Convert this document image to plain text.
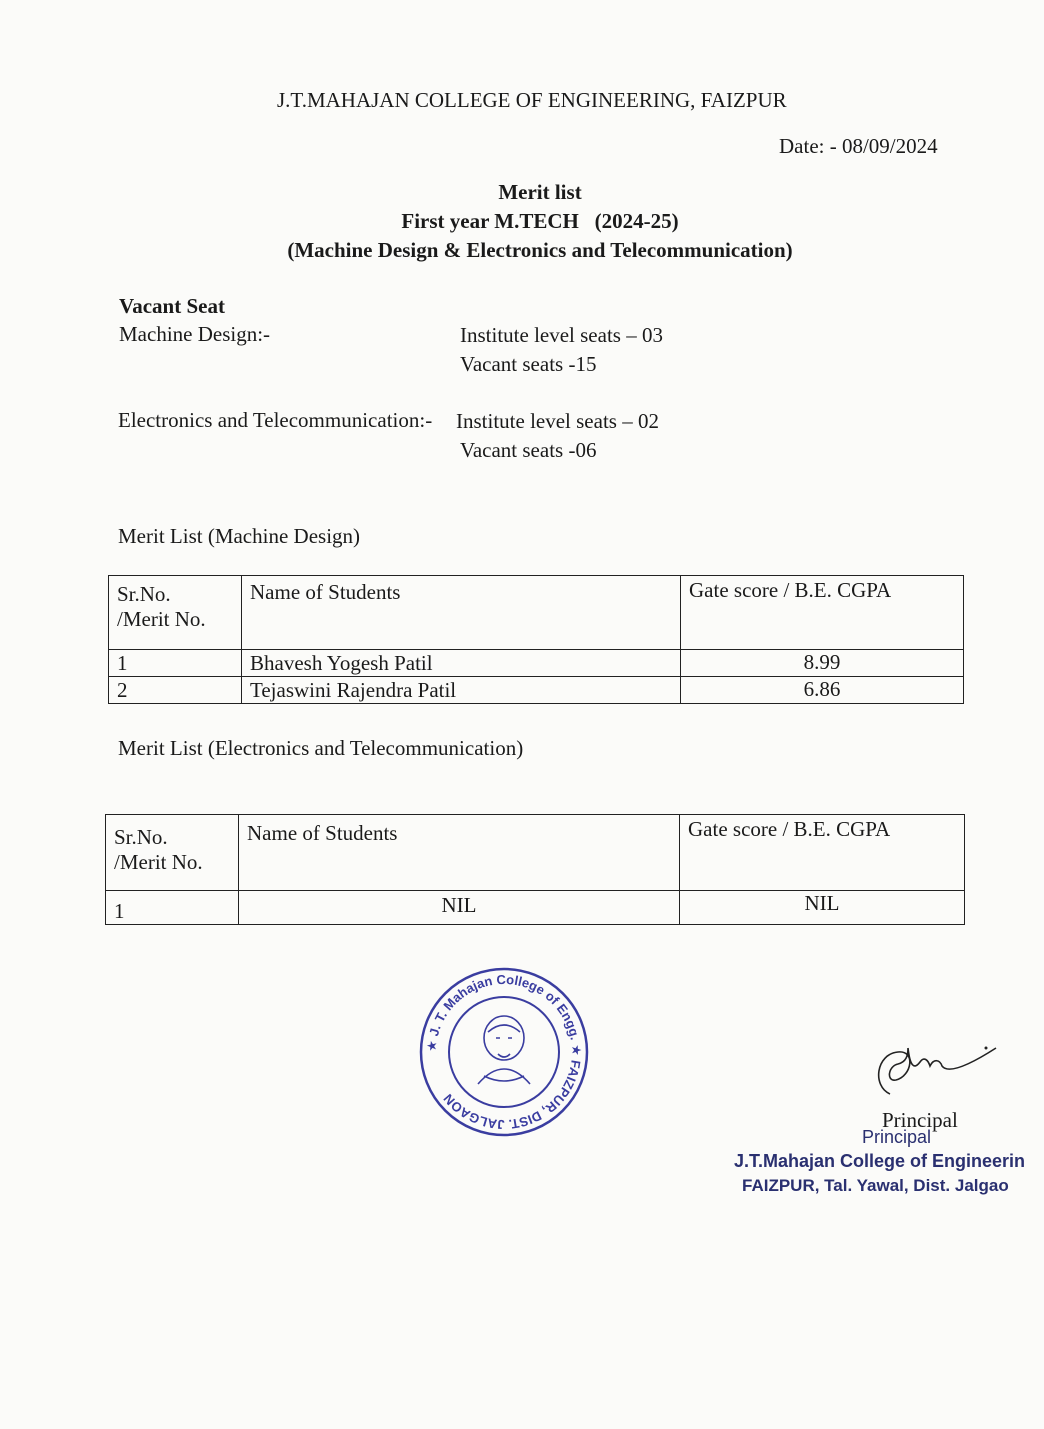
J.T.MAHAJAN COLLEGE OF ENGINEERING, FAIZPUR
Date: - 08/09/2024
Merit list
First year M.TECH   (2024-25)
(Machine Design & Electronics and Telecommunication)
Vacant Seat
Machine Design:-	Institute level seats – 03
Vacant seats -15
Electronics and Telecommunication:- Institute level seats – 02
Vacant seats -06
Merit List (Machine Design)
Sr.No.
/Merit No.	Name of Students	Gate score / B.E. CGPA
1	Bhavesh Yogesh Patil	8.99
2	Tejaswini Rajendra Patil	6.86
Merit List (Electronics and Telecommunication)
Sr.No.
/Merit No.	Name of Students	Gate score / B.E. CGPA
1	NIL	NIL
★ J. T. Mahajan College of Engg. ★ FAIZPUR, DIST. JALGAON
Principal
Principal
J.T.Mahajan College of Engineerin
FAIZPUR, Tal. Yawal, Dist. Jalgao
